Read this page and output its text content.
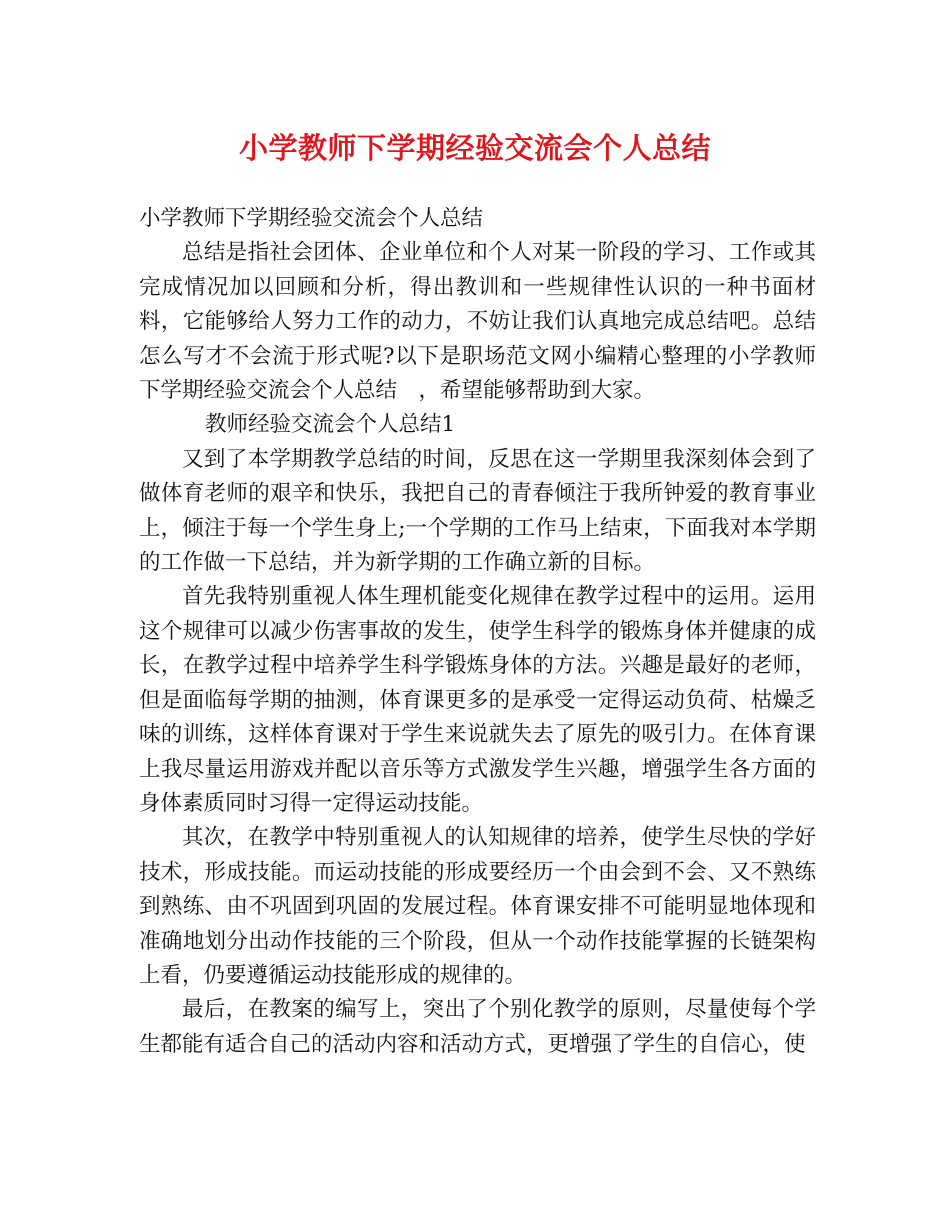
小学教师下学期经验交流会个人总结

小学教师下学期经验交流会个人总结

总结是指社会团体、企业单位和个人对某一阶段的学习、工作或其完成情况加以回顾和分析，得出教训和一些规律性认识的一种书面材料，它能够给人努力工作的动力，不妨让我们认真地完成总结吧。总结怎么写才不会流于形式呢?以下是职场范文网小编精心整理的小学教师下学期经验交流会个人总结　，希望能够帮助到大家。

教师经验交流会个人总结1

又到了本学期教学总结的时间，反思在这一学期里我深刻体会到了做体育老师的艰辛和快乐，我把自己的青春倾注于我所钟爱的教育事业上，倾注于每一个学生身上;一个学期的工作马上结束，下面我对本学期的工作做一下总结，并为新学期的工作确立新的目标。

首先我特别重视人体生理机能变化规律在教学过程中的运用。运用这个规律可以减少伤害事故的发生，使学生科学的锻炼身体并健康的成长，在教学过程中培养学生科学锻炼身体的方法。兴趣是最好的老师，但是面临每学期的抽测，体育课更多的是承受一定得运动负荷、枯燥乏味的训练，这样体育课对于学生来说就失去了原先的吸引力。在体育课上我尽量运用游戏并配以音乐等方式激发学生兴趣，增强学生各方面的身体素质同时习得一定得运动技能。

其次，在教学中特别重视人的认知规律的培养，使学生尽快的学好技术，形成技能。而运动技能的形成要经历一个由会到不会、又不熟练到熟练、由不巩固到巩固的发展过程。体育课安排不可能明显地体现和准确地划分出动作技能的三个阶段，但从一个动作技能掌握的长链架构上看，仍要遵循运动技能形成的规律的。

最后，在教案的编写上，突出了个别化教学的原则，尽量使每个学生都能有适合自己的活动内容和活动方式，更增强了学生的自信心，使
